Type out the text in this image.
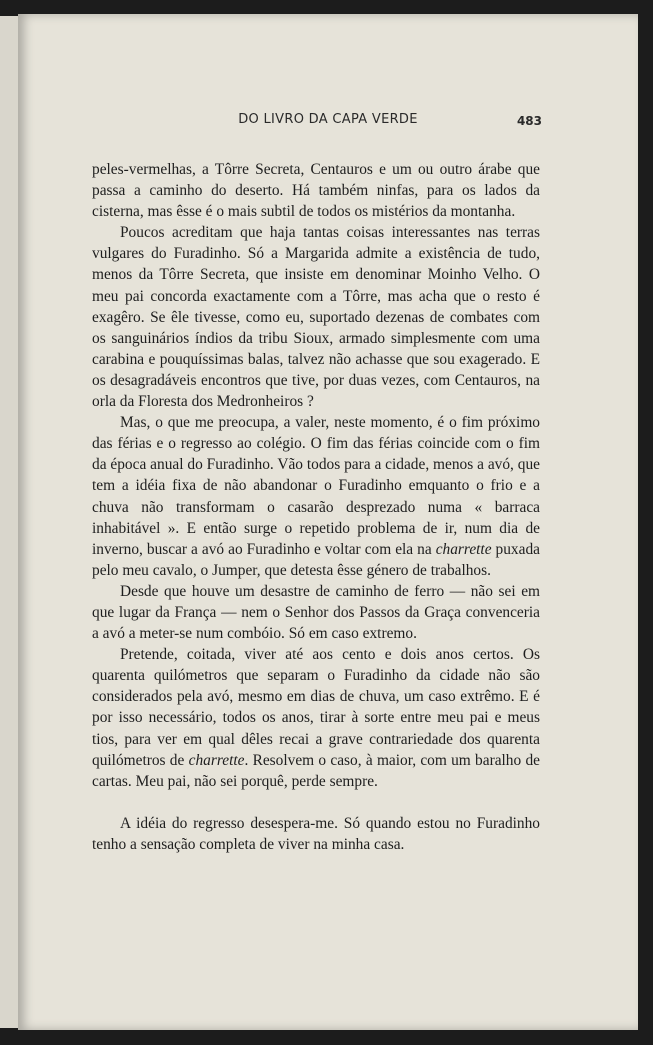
DO LIVRO DA CAPA VERDE	483

peles-vermelhas, a Tôrre Secreta, Centauros e um ou outro árabe que passa a caminho do deserto. Há também ninfas, para os lados da cisterna, mas êsse é o mais subtil de todos os mistérios da montanha.

Poucos acreditam que haja tantas coisas interessantes nas terras vulgares do Furadinho. Só a Margarida admite a existência de tudo, menos da Tôrre Secreta, que insiste em denominar Moinho Velho. O meu pai concorda exactamente com a Tôrre, mas acha que o resto é exagêro. Se êle tivesse, como eu, suportado dezenas de combates com os sanguinários índios da tribu Sioux, armado simplesmente com uma carabina e pouquíssimas balas, talvez não achasse que sou exagerado. E os desagradáveis encontros que tive, por duas vezes, com Centauros, na orla da Floresta dos Medronheiros ?

Mas, o que me preocupa, a valer, neste momento, é o fim próximo das férias e o regresso ao colégio. O fim das férias coincide com o fim da época anual do Furadinho. Vão todos para a cidade, menos a avó, que tem a idéia fixa de não abandonar o Furadinho emquanto o frio e a chuva não transformam o casarão desprezado numa « barraca inhabitável ». E então surge o repetido problema de ir, num dia de inverno, buscar a avó ao Furadinho e voltar com ela na charrette puxada pelo meu cavalo, o Jumper, que detesta êsse género de trabalhos.

Desde que houve um desastre de caminho de ferro — não sei em que lugar da França — nem o Senhor dos Passos da Graça convenceria a avó a meter-se num combóio. Só em caso extremo.

Pretende, coitada, viver até aos cento e dois anos certos. Os quarenta quilómetros que separam o Furadinho da cidade não são considerados pela avó, mesmo em dias de chuva, um caso extrêmo. E é por isso necessário, todos os anos, tirar à sorte entre meu pai e meus tios, para ver em qual dêles recai a grave contrariedade dos quarenta quilómetros de charrette. Resolvem o caso, à maior, com um baralho de cartas. Meu pai, não sei porquê, perde sempre.

A idéia do regresso desespera-me. Só quando estou no Furadinho tenho a sensação completa de viver na minha casa.
